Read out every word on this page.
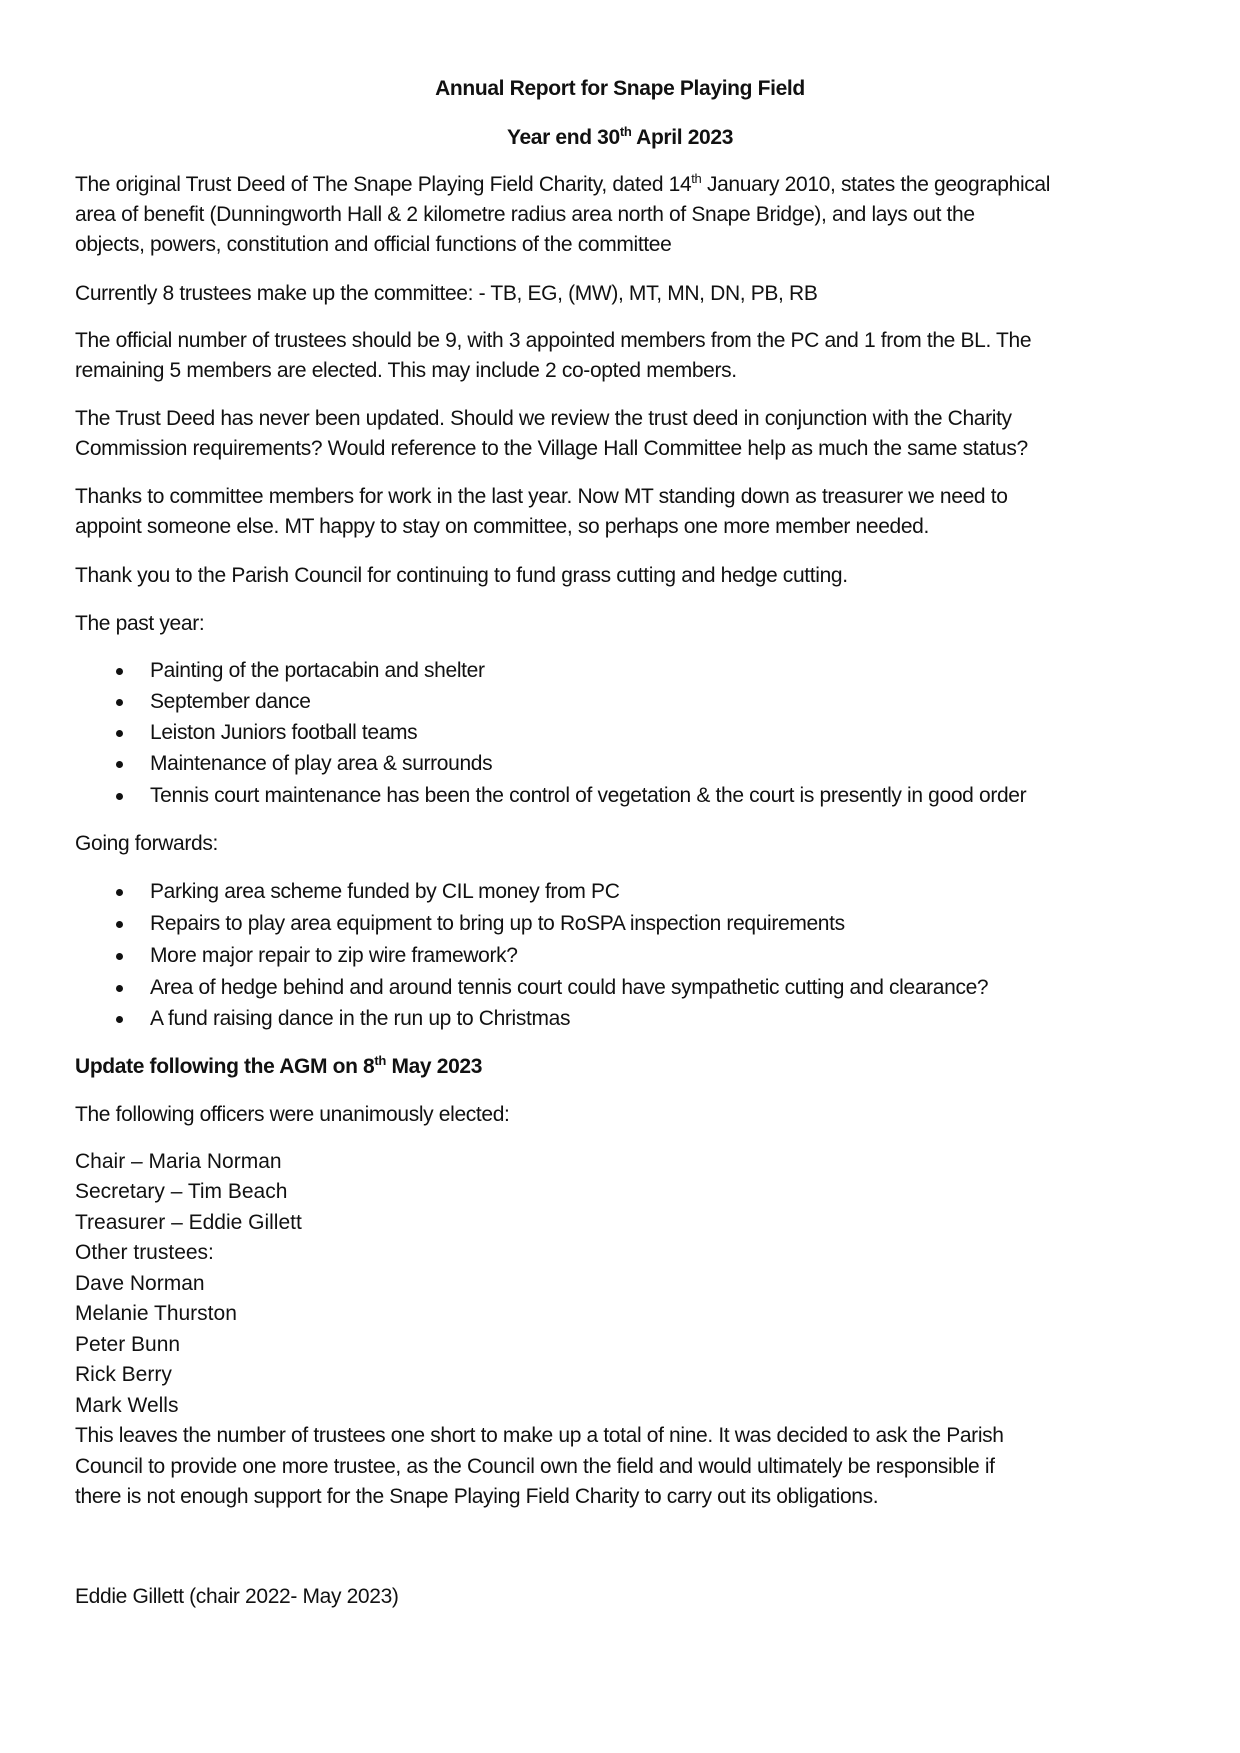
Annual Report for Snape Playing Field
Year end 30th April 2023
The original Trust Deed of The Snape Playing Field Charity, dated 14th January 2010, states the geographical
area of benefit (Dunningworth Hall & 2 kilometre radius area north of Snape Bridge), and lays out the
objects, powers, constitution and official functions of the committee
Currently 8 trustees make up the committee: - TB, EG, (MW), MT, MN, DN, PB, RB
The official number of trustees should be 9, with 3 appointed members from the PC and 1 from the BL. The
remaining 5 members are elected. This may include 2 co-opted members.
The Trust Deed has never been updated. Should we review the trust deed in conjunction with the Charity
Commission requirements? Would reference to the Village Hall Committee help as much the same status?
Thanks to committee members for work in the last year. Now MT standing down as treasurer we need to
appoint someone else. MT happy to stay on committee, so perhaps one more member needed.
Thank you to the Parish Council for continuing to fund grass cutting and hedge cutting.
The past year:
Painting of the portacabin and shelter
September dance
Leiston Juniors football teams
Maintenance of play area & surrounds
Tennis court maintenance has been the control of vegetation & the court is presently in good order
Going forwards:
Parking area scheme funded by CIL money from PC
Repairs to play area equipment to bring up to RoSPA inspection requirements
More major repair to zip wire framework?
Area of hedge behind and around tennis court could have sympathetic cutting and clearance?
A fund raising dance in the run up to Christmas
Update following the AGM on 8th May 2023
The following officers were unanimously elected:
Chair – Maria Norman
Secretary – Tim Beach
Treasurer – Eddie Gillett
Other trustees:
Dave Norman
Melanie Thurston
Peter Bunn
Rick Berry
Mark Wells
This leaves the number of trustees one short to make up a total of nine. It was decided to ask the Parish
Council to provide one more trustee, as the Council own the field and would ultimately be responsible if
there is not enough support for the Snape Playing Field Charity to carry out its obligations.
Eddie Gillett (chair 2022- May 2023)
